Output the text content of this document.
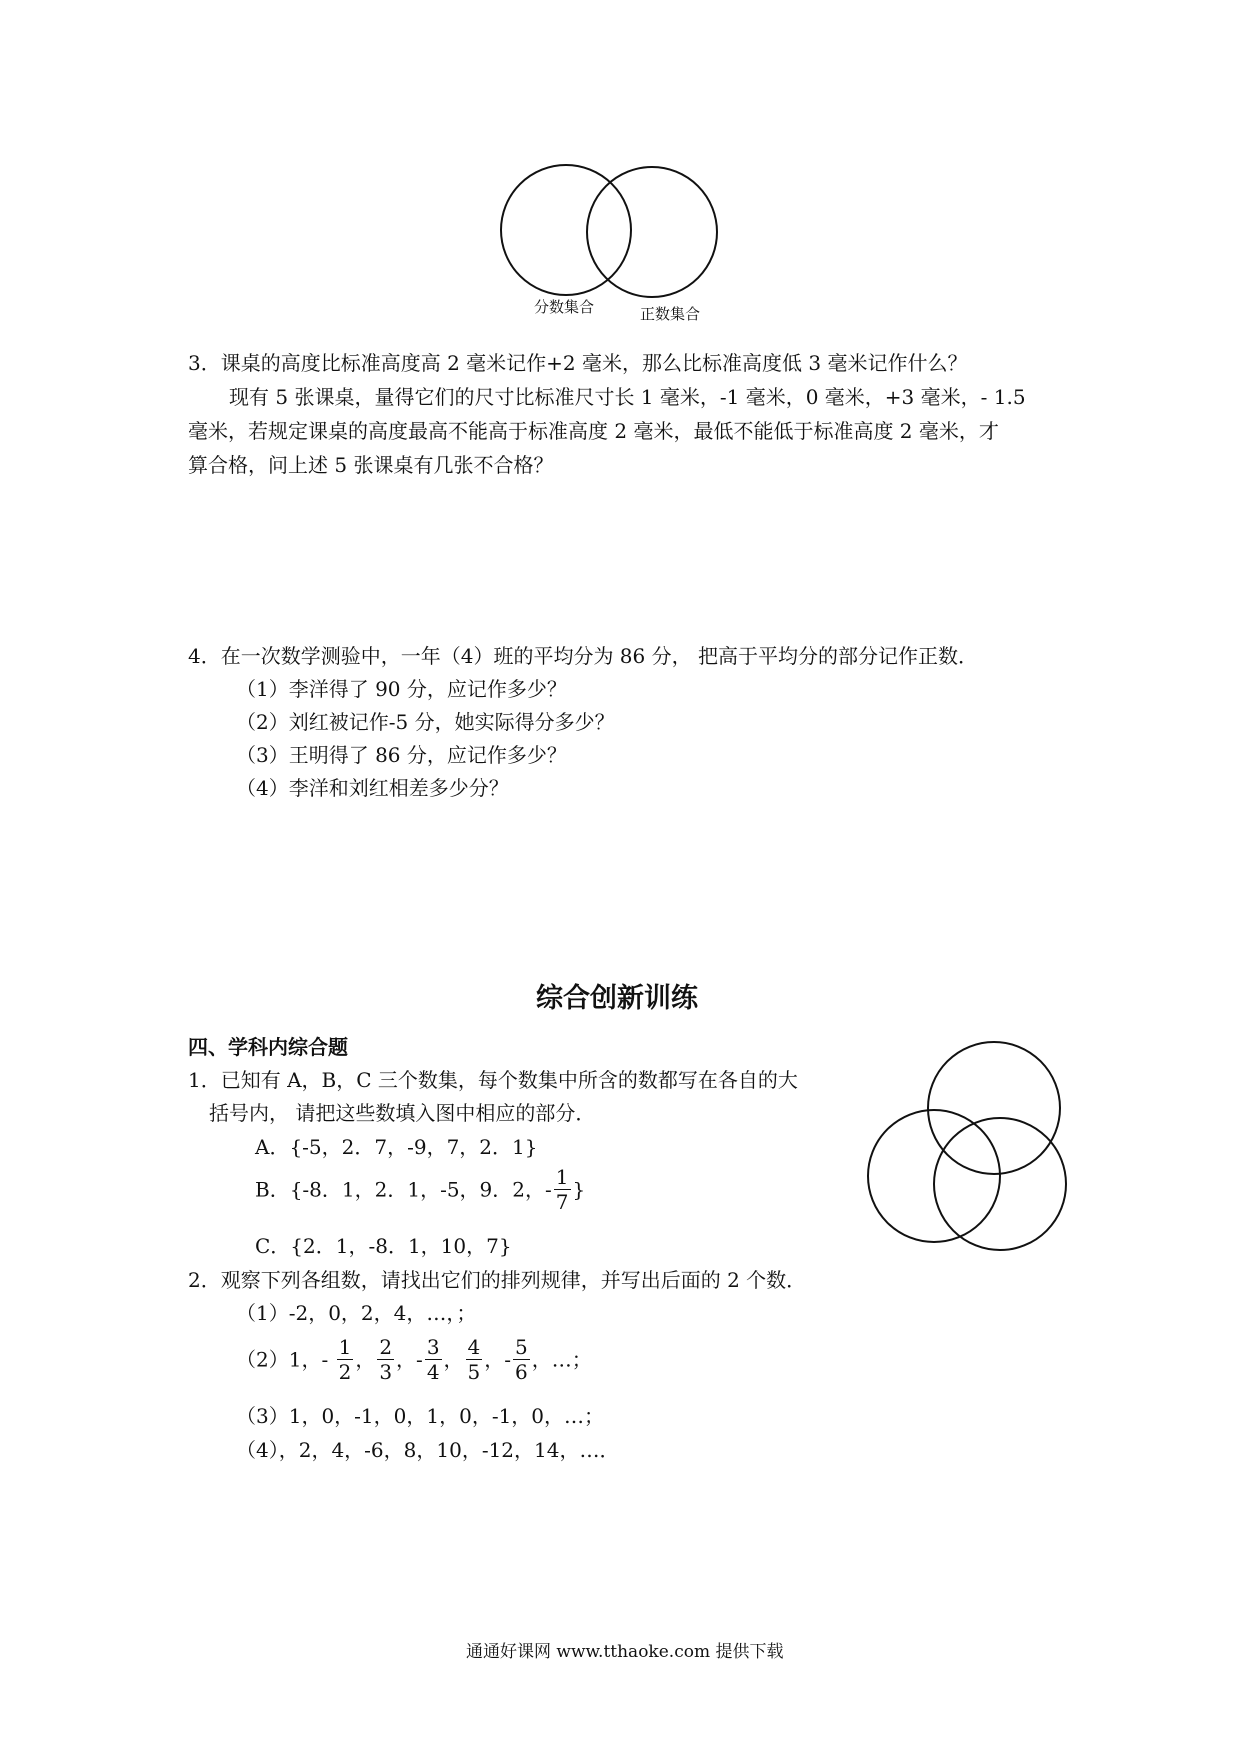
分数集合	正数集合
3．课桌的高度比标准高度高 2 毫米记作+2 毫米，那么比标准高度低 3 毫米记作什么？
现有 5 张课桌，量得它们的尺寸比标准尺寸长 1 毫米，-1 毫米，0 毫米，+3 毫米，- 1.5
毫米，若规定课桌的高度最高不能高于标准高度 2 毫米，最低不能低于标准高度 2 毫米，才
算合格，问上述 5 张课桌有几张不合格？
4．在一次数学测验中，一年（4）班的平均分为 86 分， 把高于平均分的部分记作正数．
（1）李洋得了 90 分，应记作多少？
（2）刘红被记作-5 分，她实际得分多少？
（3）王明得了 86 分，应记作多少？
（4）李洋和刘红相差多少分？
综合创新训练
四、学科内综合题
1．已知有 A，B，C 三个数集，每个数集中所含的数都写在各自的大
括号内， 请把这些数填入图中相应的部分．
A．{-5，2．7，-9，7，2．1}
B．{-8．1，2．1，-5，9．2，- $\frac{1}{7}$ }
C．{2．1，-8．1，10，7}
2．观察下列各组数，请找出它们的排列规律，并写出后面的 2 个数．
（1）-2，0，2，4，…，；
（2）1，- $\frac{1}{2}$ ， $\frac{2}{3}$ ，- $\frac{3}{4}$ ， $\frac{4}{5}$ ，- $\frac{5}{6}$ ，…；
（3）1，0，-1，0，1，0，-1，0，…；
（4），2，4，-6，8，10，-12，14，…．
通通好课网 www.tthaoke.com 提供下载
